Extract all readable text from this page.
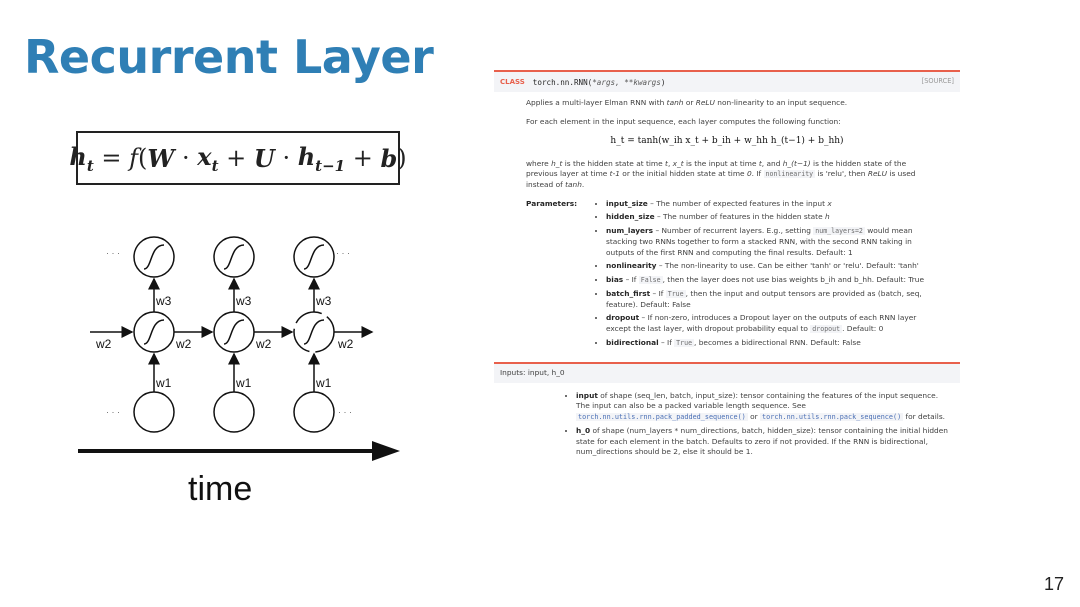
Recurrent Layer
$h_t = f$ ( $W \cdot x_t + U \cdot h_{t-1} + b$ )
w3	w3	w3
w1	w1	w1
w2	w2	w2	w2
· · ·	· · ·
· · ·	· · ·
time
CLASS torch.nn.RNN(*args, **kwargs)	[SOURCE]

Applies a multi-layer Elman RNN with tanh or ReLU non-linearity to an input sequence.

For each element in the input sequence, each layer computes the following function:

h_t = tanh(w_ih x_t + b_ih + w_hh h_(t−1) + b_hh)

where h_t is the hidden state at time t, x_t is the input at time t, and h_(t−1) is the hidden state of the previous layer at time t-1 or the initial hidden state at time 0. If nonlinearity is 'relu', then ReLU is used instead of tanh.

Parameters:
•	input_size – The number of expected features in the input x
• hidden_size – The number of features in the hidden state h
• num_layers – Number of recurrent layers. E.g., setting num_layers=2 would mean stacking two RNNs together to form a stacked RNN, with the second RNN taking in outputs of the first RNN and computing the final results. Default: 1
• nonlinearity – The non-linearity to use. Can be either 'tanh' or 'relu'. Default: 'tanh'
• bias – If False , then the layer does not use bias weights b_ih and b_hh. Default: True
• batch_first – If True , then the input and output tensors are provided as (batch, seq, feature). Default: False
• dropout – If non-zero, introduces a Dropout layer on the outputs of each RNN layer except the last layer, with dropout probability equal to dropout . Default: 0
• bidirectional – If True , becomes a bidirectional RNN. Default: False
Inputs: input, h_0
• input of shape (seq_len, batch, input_size): tensor containing the features of the input sequence. The input can also be a packed variable length sequence. See torch.nn.utils.rnn.pack_padded_sequence() or torch.nn.utils.rnn.pack_sequence() for details.
• h_0 of shape (num_layers * num_directions, batch, hidden_size): tensor containing the initial hidden state for each element in the batch. Defaults to zero if not provided. If the RNN is bidirectional, num_directions should be 2, else it should be 1.
17
